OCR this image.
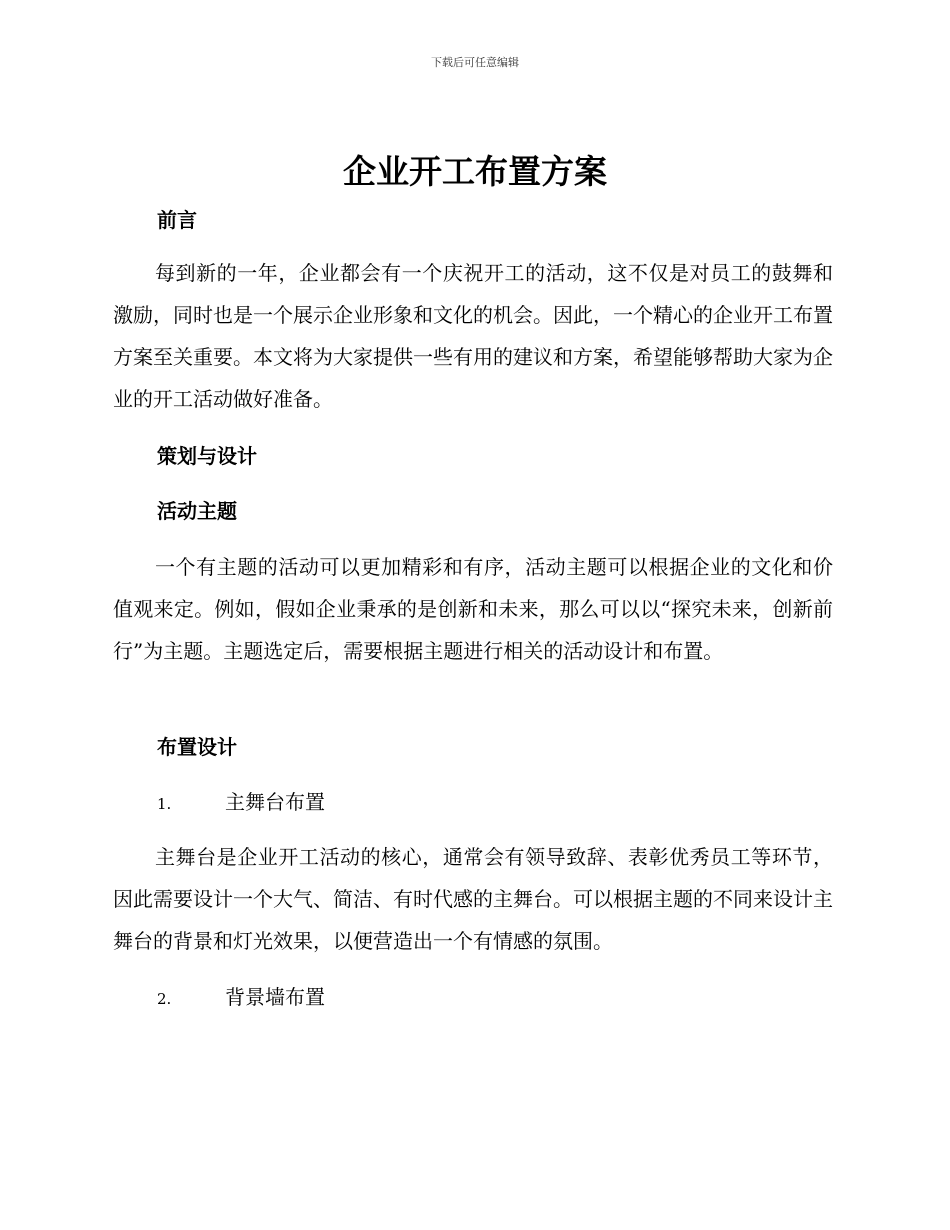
下载后可任意编辑
企业开工布置方案
前言

每到新的一年，企业都会有一个庆祝开工的活动，这不仅是对员工的鼓舞和激励，同时也是一个展示企业形象和文化的机会。因此，一个精心的企业开工布置方案至关重要。本文将为大家提供一些有用的建议和方案，希望能够帮助大家为企业的开工活动做好准备。

策划与设计
活动主题

一个有主题的活动可以更加精彩和有序，活动主题可以根据企业的文化和价值观来定。例如，假如企业秉承的是创新和未来，那么可以以“探究未来，创新前行”为主题。主题选定后，需要根据主题进行相关的活动设计和布置。

布置设计
1.	主舞台布置

主舞台是企业开工活动的核心，通常会有领导致辞、表彰优秀员工等环节，因此需要设计一个大气、简洁、有时代感的主舞台。可以根据主题的不同来设计主舞台的背景和灯光效果，以便营造出一个有情感的氛围。

2.	背景墙布置
